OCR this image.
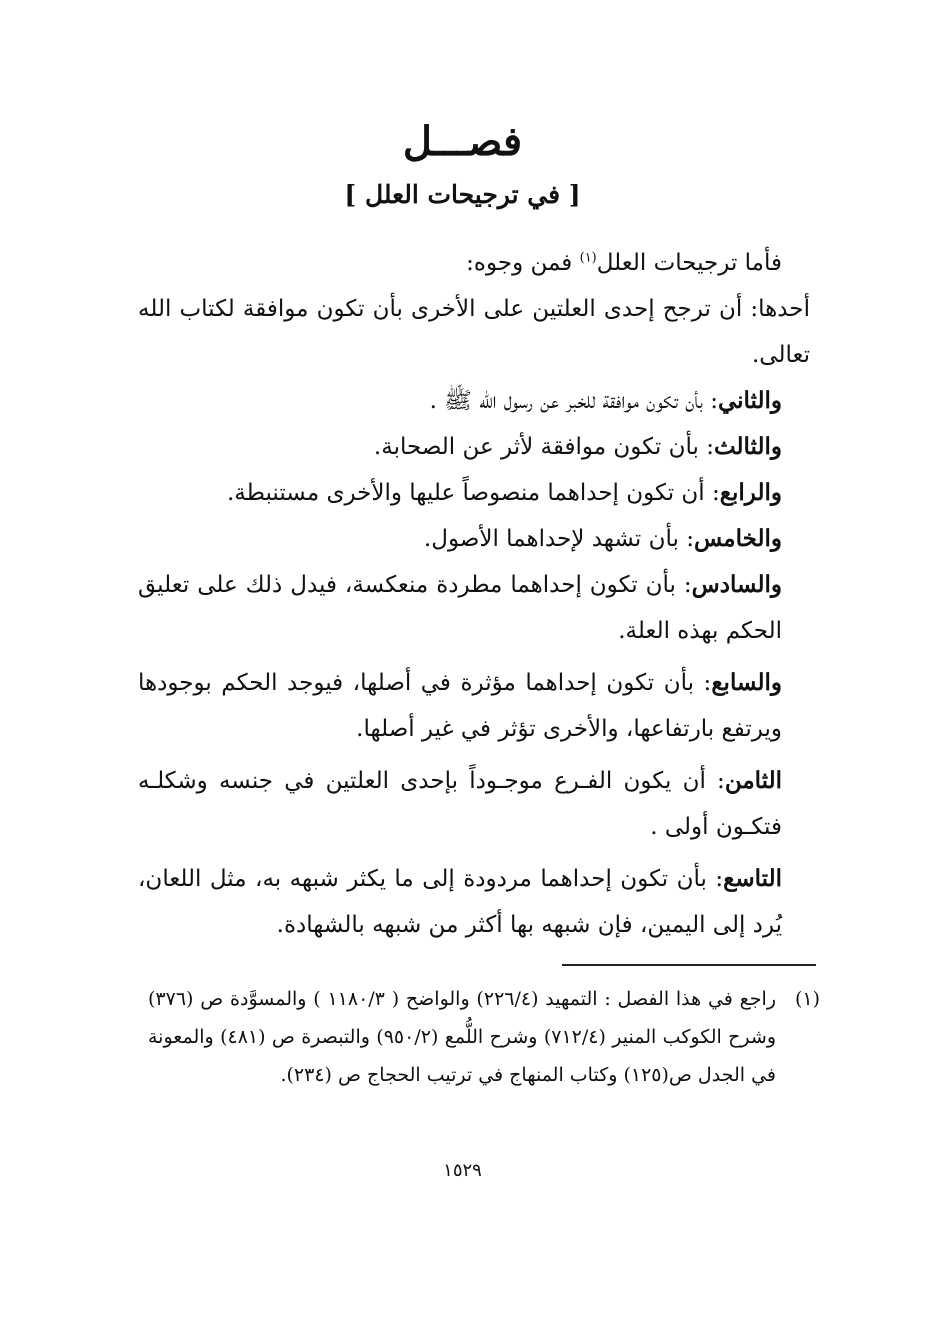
فصـــل
[ في ترجيحات العلل ]

فأما ترجيحات العلل$^{(١)}$ فمن وجوه:

أحدها: أن ترجح إحدى العلتين على الأخرى بأن تكون موافقة لكتاب الله تعالى.

والثاني: بأن تكون موافقة للخبر عن رسول الله ﷺ .

والثالث: بأن تكون موافقة لأثر عن الصحابة.

والرابع: أن تكون إحداهما منصوصاً عليها والأخرى مستنبطة.

والخامس: بأن تشهد لإحداهما الأصول.

والسادس: بأن تكون إحداهما مطردة منعكسة، فيدل ذلك على تعليق الحكم بهذه العلة.

والسابع: بأن تكون إحداهما مؤثرة في أصلها، فيوجد الحكم بوجودها ويرتفع بارتفاعها، والأخرى تؤثر في غير أصلها.

الثامن: أن يكون الفـرع موجـوداً بإحدى العلتين في جنسه وشكلـه فتكـون أولى .

التاسع: بأن تكون إحداهما مردودة إلى ما يكثر شبهه به، مثل اللعان، يُرد إلى اليمين، فإن شبهه بها أكثر من شبهه بالشهادة.

(١)راجع في هذا الفصل : التمهيد (٢٢٦/٤) والواضح ( ١١٨٠/٣ ) والمسوَّدة ص (٣٧٦) وشرح الكوكب المنير (٧١٢/٤) وشرح اللُّمع (٩٥٠/٢) والتبصرة ص (٤٨١) والمعونة في الجدل ص(١٢٥) وكتاب المنهاج في ترتيب الحجاج ص (٢٣٤).

١٥٢٩
